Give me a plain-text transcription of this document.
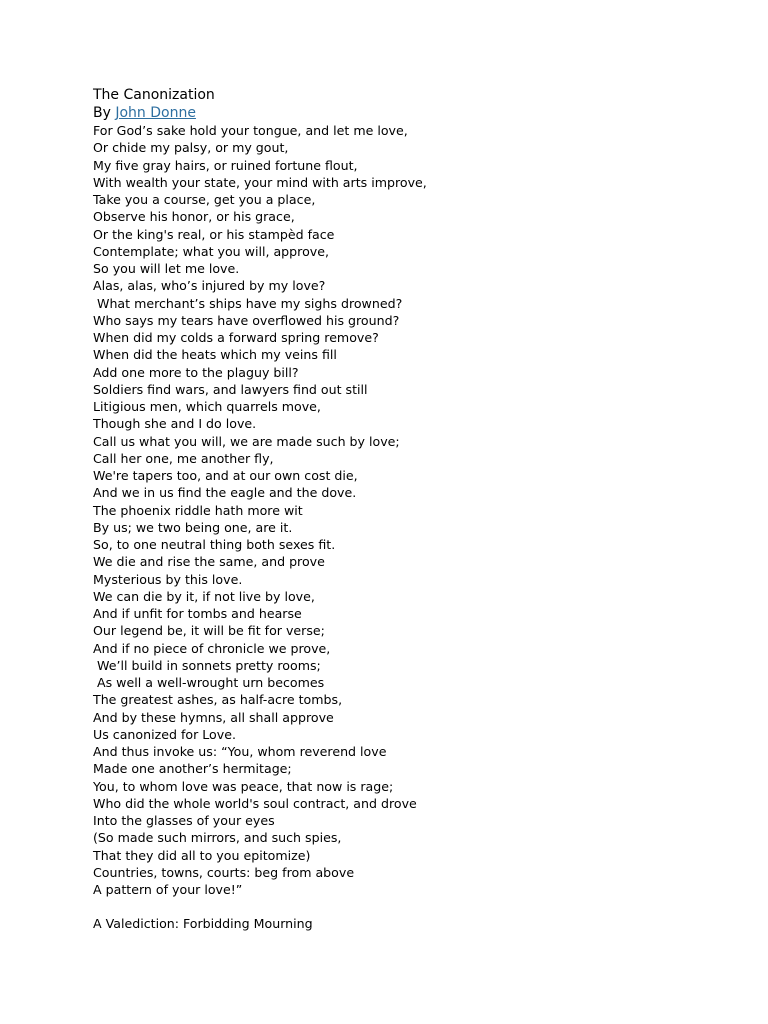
The Canonization
By John Donne
For God’s sake hold your tongue, and let me love,
Or chide my palsy, or my gout,
My five gray hairs, or ruined fortune flout,
With wealth your state, your mind with arts improve,
Take you a course, get you a place,
Observe his honor, or his grace,
Or the king's real, or his stampèd face
Contemplate; what you will, approve,
So you will let me love.
Alas, alas, who’s injured by my love?
What merchant’s ships have my sighs drowned?
Who says my tears have overflowed his ground?
When did my colds a forward spring remove?
When did the heats which my veins fill
Add one more to the plaguy bill?
Soldiers find wars, and lawyers find out still
Litigious men, which quarrels move,
Though she and I do love.
Call us what you will, we are made such by love;
Call her one, me another fly,
We're tapers too, and at our own cost die,
And we in us find the eagle and the dove.
The phoenix riddle hath more wit
By us; we two being one, are it.
So, to one neutral thing both sexes fit.
We die and rise the same, and prove
Mysterious by this love.
We can die by it, if not live by love,
And if unfit for tombs and hearse
Our legend be, it will be fit for verse;
And if no piece of chronicle we prove,
We’ll build in sonnets pretty rooms;
As well a well-wrought urn becomes
The greatest ashes, as half-acre tombs,
And by these hymns, all shall approve
Us canonized for Love.
And thus invoke us: “You, whom reverend love
Made one another’s hermitage;
You, to whom love was peace, that now is rage;
Who did the whole world's soul contract, and drove
Into the glasses of your eyes
(So made such mirrors, and such spies,
That they did all to you epitomize)
Countries, towns, courts: beg from above
A pattern of your love!”
A Valediction: Forbidding Mourning
